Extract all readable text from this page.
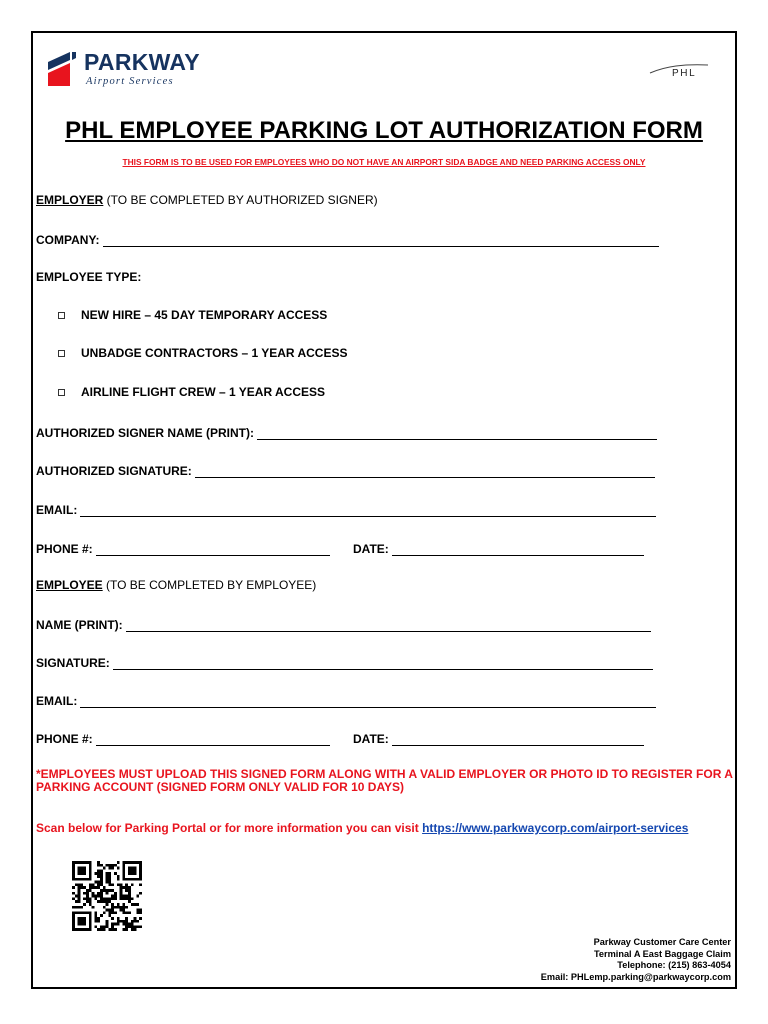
PARKWAY
Airport Services
PHL
PHL EMPLOYEE PARKING LOT AUTHORIZATION FORM
THIS FORM IS TO BE USED FOR EMPLOYEES WHO DO NOT HAVE AN AIRPORT SIDA BADGE AND NEED PARKING ACCESS ONLY
EMPLOYER (TO BE COMPLETED BY AUTHORIZED SIGNER)
COMPANY:
EMPLOYEE TYPE:
NEW HIRE – 45 DAY TEMPORARY ACCESS
UNBADGE CONTRACTORS – 1 YEAR ACCESS
AIRLINE FLIGHT CREW – 1 YEAR ACCESS
AUTHORIZED SIGNER NAME (PRINT):
AUTHORIZED SIGNATURE:
EMAIL:
PHONE #:	DATE:
EMPLOYEE (TO BE COMPLETED BY EMPLOYEE)
NAME (PRINT):
SIGNATURE:
EMAIL:
PHONE #:	DATE:
*EMPLOYEES MUST UPLOAD THIS SIGNED FORM ALONG WITH A VALID EMPLOYER OR PHOTO ID TO REGISTER FOR A PARKING ACCOUNT (SIGNED FORM ONLY VALID FOR 10 DAYS)
Scan below for Parking Portal or for more information you can visit https://www.parkwaycorp.com/airport-services
Parkway Customer Care Center
Terminal A East Baggage Claim
Telephone: (215) 863-4054
Email: PHLemp.parking@parkwaycorp.com
